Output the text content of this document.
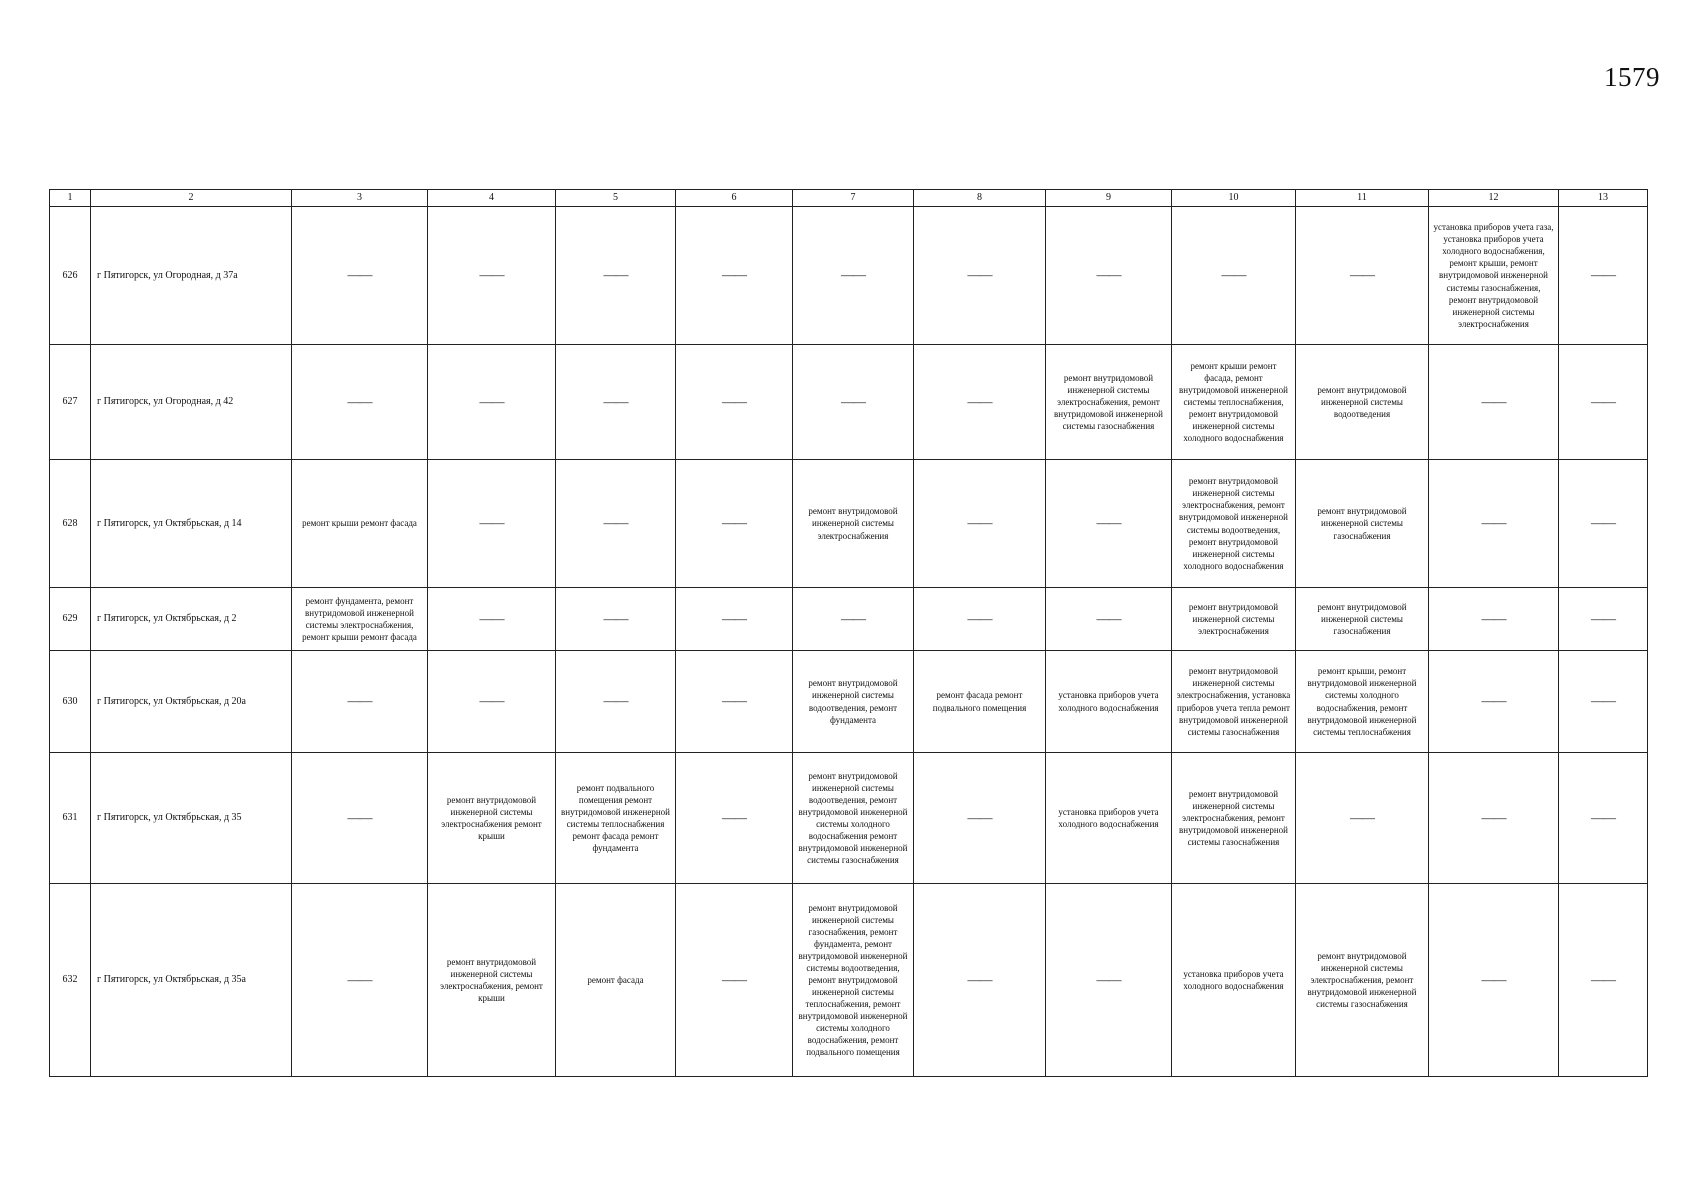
1579
1	2	3	4	5	6	7	8	9	10	11	12	13
626	г Пятигорск, ул Огородная, д 37а	——	——	——	——	——	——	——	——	——	установка приборов учета газа, установка приборов учета холодного водоснабжения, ремонт крыши, ремонт внутридомовой инженерной системы газоснабжения, ремонт внутридомовой инженерной системы электроснабжения	——
627	г Пятигорск, ул Огородная, д 42	——	——	——	——	——	——	ремонт внутридомовой инженерной системы электроснабжения, ремонт внутридомовой инженерной системы газоснабжения	ремонт крыши ремонт фасада, ремонт внутридомовой инженерной системы теплоснабжения, ремонт внутридомовой инженерной системы холодного водоснабжения	ремонт внутридомовой инженерной системы водоотведения	——	——
628	г Пятигорск, ул Октябрьская, д 14	ремонт крыши ремонт фасада	——	——	——	ремонт внутридомовой инженерной системы электроснабжения	——	——	ремонт внутридомовой инженерной системы электроснабжения, ремонт внутридомовой инженерной системы водоотведения, ремонт внутридомовой инженерной системы холодного водоснабжения	ремонт внутридомовой инженерной системы газоснабжения	——	——
629	г Пятигорск, ул Октябрьская, д 2	ремонт фундамента, ремонт внутридомовой инженерной системы электроснабжения, ремонт крыши ремонт фасада	——	——	——	——	——	——	ремонт внутридомовой инженерной системы электроснабжения	ремонт внутридомовой инженерной системы газоснабжения	——	——
630	г Пятигорск, ул Октябрьская, д 20а	——	——	——	——	ремонт внутридомовой инженерной системы водоотведения, ремонт фундамента	ремонт фасада ремонт подвального помещения	установка приборов учета холодного водоснабжения	ремонт внутридомовой инженерной системы электроснабжения, установка приборов учета тепла ремонт внутридомовой инженерной системы газоснабжения	ремонт крыши, ремонт внутридомовой инженерной системы холодного водоснабжения, ремонт внутридомовой инженерной системы теплоснабжения	——	——
631	г Пятигорск, ул Октябрьская, д 35	——	ремонт внутридомовой инженерной системы электроснабжения ремонт крыши	ремонт подвального помещения ремонт внутридомовой инженерной системы теплоснабжения ремонт фасада ремонт фундамента	——	ремонт внутридомовой инженерной системы водоотведения, ремонт внутридомовой инженерной системы холодного водоснабжения ремонт внутридомовой инженерной системы газоснабжения	——	установка приборов учета холодного водоснабжения	ремонт внутридомовой инженерной системы электроснабжения, ремонт внутридомовой инженерной системы газоснабжения	——	——	——
632	г Пятигорск, ул Октябрьская, д 35а	——	ремонт внутридомовой инженерной системы электроснабжения, ремонт крыши	ремонт фасада	——	ремонт внутридомовой инженерной системы газоснабжения, ремонт фундамента, ремонт внутридомовой инженерной системы водоотведения, ремонт внутридомовой инженерной системы теплоснабжения, ремонт внутридомовой инженерной системы холодного водоснабжения, ремонт подвального помещения	——	——	установка приборов учета холодного водоснабжения	ремонт внутридомовой инженерной системы электроснабжения, ремонт внутридомовой инженерной системы газоснабжения	——	——
